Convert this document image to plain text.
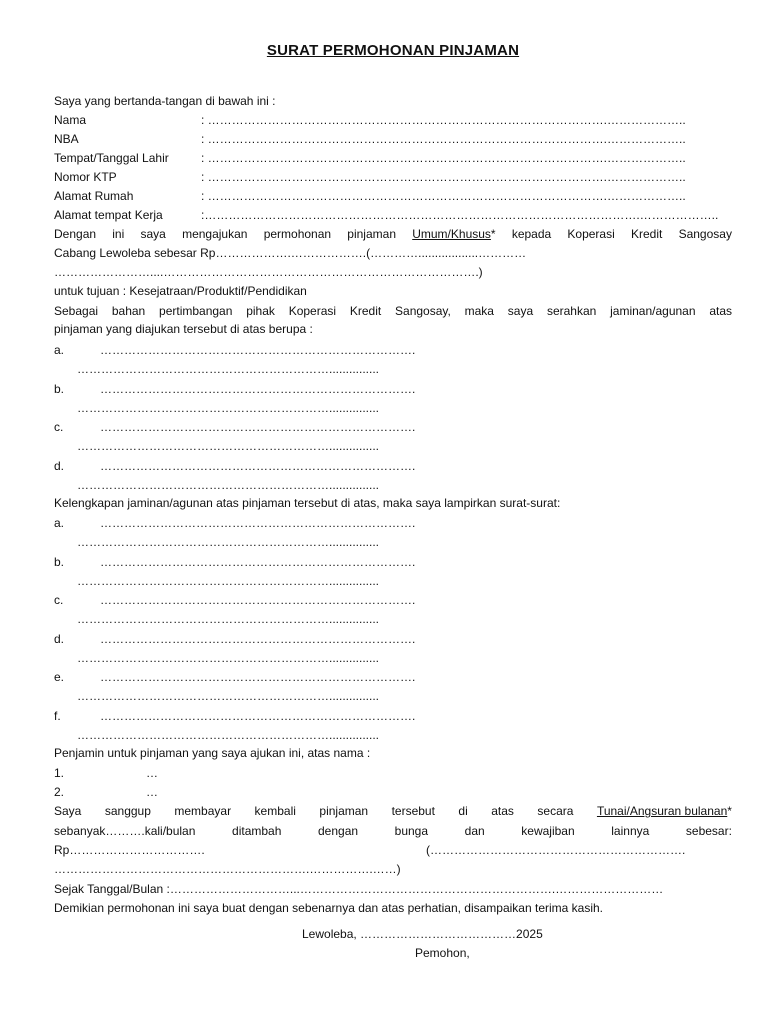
SURAT PERMOHONAN PINJAMAN
Saya yang bertanda-tangan di bawah ini :
Nama	: ……………………………………………………………………………………….………………..
NBA	: ……………………………………………………………………………………….………………..
Tempat/Tanggal Lahir	: ……………………………………………………………………………………….………………..
Nomor KTP	: ……………………………………………………………………………………….………………..
Alamat Rumah	: ……………………………………………………………………………………….………………..
Alamat tempat Kerja	:……………………………………………………………………………………………….………………..
Dengan ini saya mengajukan permohonan pinjaman Umum/Khusus* kepada Koperasi Kredit Sangosay
Cabang Lewoleba sebesar Rp……………….……………….(…………..................…………
……………………....…………………………………………………………………….)
untuk tujuan : Kesejatraan/Produktif/Pendidikan
Sebagai bahan pertimbangan pihak Koperasi Kredit Sangosay, maka saya serahkan jaminan/agunan atas
pinjaman yang diajukan tersebut di atas berupa :
a.	…………………………………………………………………….
………………………………………………………...............
b.	…………………………………………………………………….
………………………………………………………...............
c.	…………………………………………………………………….
………………………………………………………...............
d.	…………………………………………………………………….
………………………………………………………...............
Kelengkapan jaminan/agunan atas pinjaman tersebut di atas, maka saya lampirkan surat-surat:
a.	…………………………………………………………………….
………………………………………………………...............
b.	…………………………………………………………………….
………………………………………………………...............
c.	…………………………………………………………………….
………………………………………………………...............
d.	…………………………………………………………………….
………………………………………………………...............
e.	…………………………………………………………………….
………………………………………………………...............
f.	…………………………………………………………………….
………………………………………………………...............
Penjamin untuk pinjaman yang saya ajukan ini, atas nama :
1.	…
2.	…
Saya sanggup membayar kembali pinjaman tersebut di atas secara Tunai/Angsuran bulanan*
sebanyak……….kali/bulan	ditambah	dengan	bunga	dan	kewajiban	lainnya	sebesar:
Rp…………………………….	(……………………………………………………….
……………………………………………………….…………….……)
Sejak Tanggal/Bulan :…………………………...……………………………………………………….………………………
Demikian permohonan ini saya buat dengan sebenarnya dan atas perhatian, disampaikan terima kasih.
Lewoleba, …………………………………2025
Pemohon,
